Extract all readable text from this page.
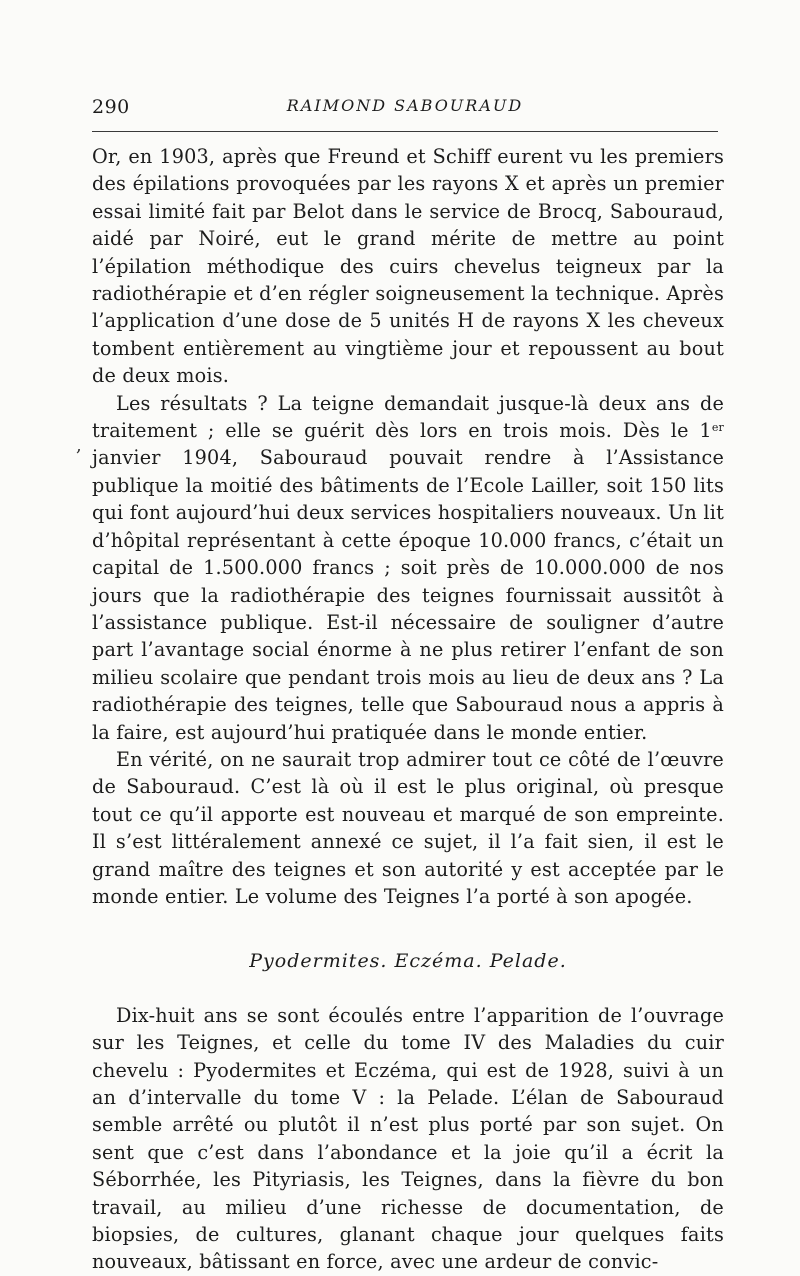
290	RAIMOND SABOURAUD
,

Or, en 1903, après que Freund et Schiff eurent vu les premiers des épilations provoquées par les rayons X et après un premier essai limité fait par Belot dans le service de Brocq, Sabouraud, aidé par Noiré, eut le grand mérite de mettre au point l’épilation méthodique des cuirs chevelus teigneux par la radiothérapie et d’en régler soigneusement la technique. Après l’application d’une dose de 5 unités H de rayons X les cheveux tombent entièrement au vingtième jour et repoussent au bout de deux mois.

Les résultats ? La teigne demandait jusque-là deux ans de traitement ; elle se guérit dès lors en trois mois. Dès le 1er janvier 1904, Sabouraud pouvait rendre à l’Assistance publique la moitié des bâtiments de l’Ecole Lailler, soit 150 lits qui font aujourd’hui deux services hospitaliers nouveaux. Un lit d’hôpital représentant à cette époque 10.000 francs, c’était un capital de 1.500.000 francs ; soit près de 10.000.000 de nos jours que la radiothérapie des teignes fournissait aussitôt à l’assistance publique. Est-il nécessaire de souligner d’autre part l’avantage social énorme à ne plus retirer l’enfant de son milieu scolaire que pendant trois mois au lieu de deux ans ? La radiothérapie des teignes, telle que Sabouraud nous a appris à la faire, est aujourd’hui pratiquée dans le monde entier.

En vérité, on ne saurait trop admirer tout ce côté de l’œuvre de Sabouraud. C’est là où il est le plus original, où presque tout ce qu’il apporte est nouveau et marqué de son empreinte. Il s’est littéralement annexé ce sujet, il l’a fait sien, il est le grand maître des teignes et son autorité y est acceptée par le monde entier. Le volume des Teignes l’a porté à son apogée.

Pyodermites. Eczéma. Pelade.

Dix-huit ans se sont écoulés entre l’apparition de l’ouvrage sur les Teignes, et celle du tome IV des Maladies du cuir chevelu : Pyodermites et Eczéma, qui est de 1928, suivi à un an d’intervalle du tome V : la Pelade. L’élan de Sabouraud semble arrêté ou plutôt il n’est plus porté par son sujet. On sent que c’est dans l’abondance et la joie qu’il a écrit la Séborrhée, les Pityriasis, les Teignes, dans la fièvre du bon travail, au milieu d’une richesse de documentation, de biopsies, de cultures, glanant chaque jour quelques faits nouveaux, bâtissant en force, avec une ardeur de convic-
